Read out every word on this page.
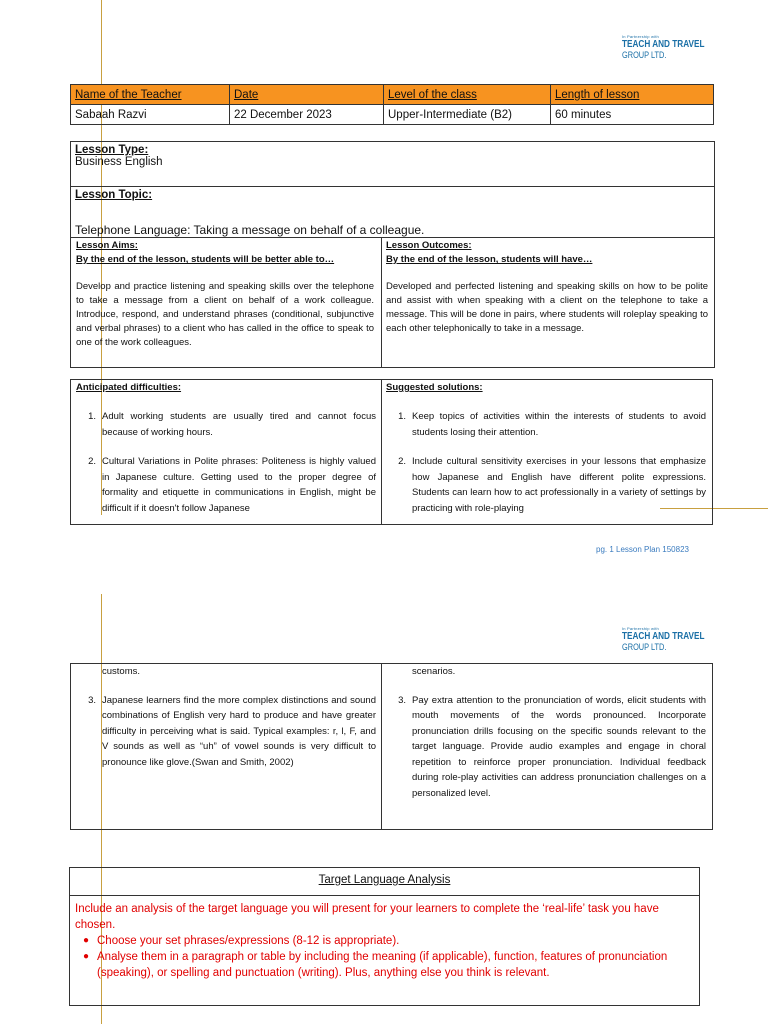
In Partnership with
TEACH AND TRAVEL
GROUP LTD.
Name of the Teacher	Date	Level of the class	Length of lesson
Sabaah Razvi	22 December 2023	Upper-Intermediate (B2)	60 minutes
Lesson Type:
Business English
Lesson Topic:
Telephone Language: Taking a message on behalf of a colleague.
Lesson Aims:
By the end of the lesson, students will be better able to…
Develop and practice listening and speaking skills over the telephone to take a message from a client on behalf of a work colleague. Introduce, respond, and understand phrases (conditional, subjunctive and verbal phrases) to a client who has called in the office to speak to one of the work colleagues.
Lesson Outcomes:
By the end of the lesson, students will have…
Developed and perfected listening and speaking skills on how to be polite and assist with when speaking with a client on the telephone to take a message. This will be done in pairs, where students will roleplay speaking to each other telephonically to take in a message.
Anticipated difficulties:
1. Adult working students are usually tired and cannot focus because of working hours.
2. Cultural Variations in Polite phrases: Politeness is highly valued in Japanese culture. Getting used to the proper degree of formality and etiquette in communications in English, might be difficult if it doesn't follow Japanese
Suggested solutions:
1. Keep topics of activities within the interests of students to avoid students losing their attention.
2. Include cultural sensitivity exercises in your lessons that emphasize how Japanese and English have different polite expressions. Students can learn how to act professionally in a variety of settings by practicing with role-playing
pg. 1 Lesson Plan 150823
In Partnership with
TEACH AND TRAVEL
GROUP LTD.
customs.
3. Japanese learners find the more complex distinctions and sound combinations of English very hard to produce and have greater difficulty in perceiving what is said. Typical examples: r, l, F, and V sounds as well as “uh” of vowel sounds is very difficult to pronounce like glove.(Swan and Smith, 2002)
scenarios.
3. Pay extra attention to the pronunciation of words, elicit students with mouth movements of the words pronounced. Incorporate pronunciation drills focusing on the specific sounds relevant to the target language. Provide audio examples and engage in choral repetition to reinforce proper pronunciation. Individual feedback during role-play activities can address pronunciation challenges on a personalized level.
Target Language Analysis
Include an analysis of the target language you will present for your learners to complete the ‘real-life’ task you have chosen.
● Choose your set phrases/expressions (8-12 is appropriate).
● Analyse them in a paragraph or table by including the meaning (if applicable), function, features of pronunciation (speaking), or spelling and punctuation (writing). Plus, anything else you think is relevant.
